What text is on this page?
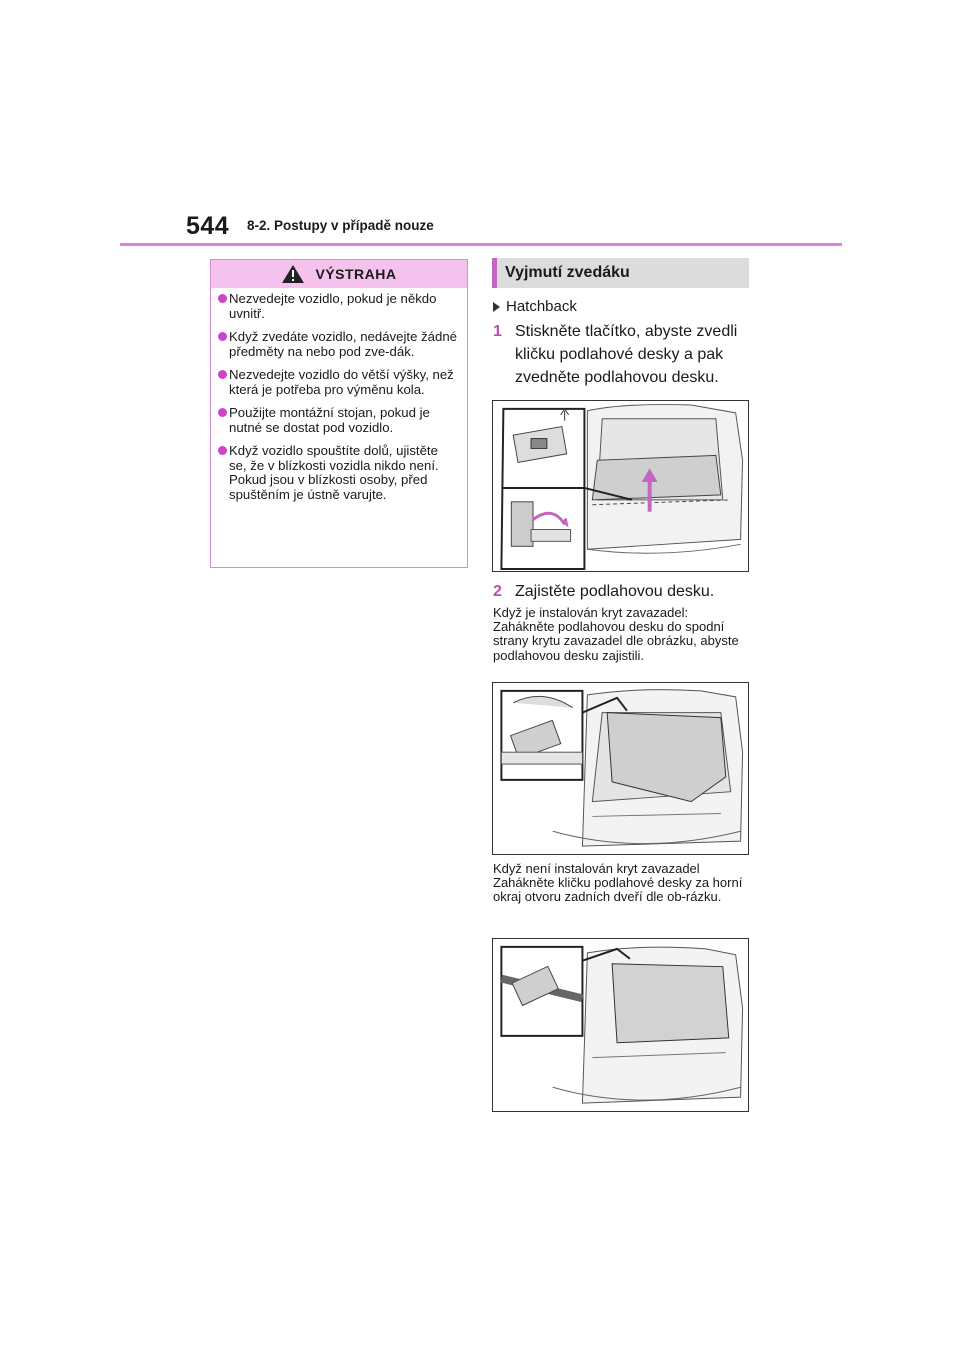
544 8-2. Postupy v případě nouze
VÝSTRAHA
Nezvedejte vozidlo, pokud je někdo uvnitř.
Když zvedáte vozidlo, nedávejte žádné předměty na nebo pod zve-dák.
Nezvedejte vozidlo do větší výšky, než která je potřeba pro výměnu kola.
Použijte montážní stojan, pokud je nutné se dostat pod vozidlo.
Když vozidlo spouštíte dolů, ujistěte se, že v blízkosti vozidla nikdo není. Pokud jsou v blízkosti osoby, před spuštěním je ústně varujte.
Vyjmutí zvedáku
Hatchback
1 Stiskněte tlačítko, abyste zvedli kličku podlahové desky a pak zvedněte podlahovou desku.
2 Zajistěte podlahovou desku.
Když je instalován kryt zavazadel: Zahákněte podlahovou desku do spodní strany krytu zavazadel dle obrázku, abyste podlahovou desku zajistili.
Když není instalován kryt zavazadel Zahákněte kličku podlahové desky za horní okraj otvoru zadních dveří dle ob-rázku.
